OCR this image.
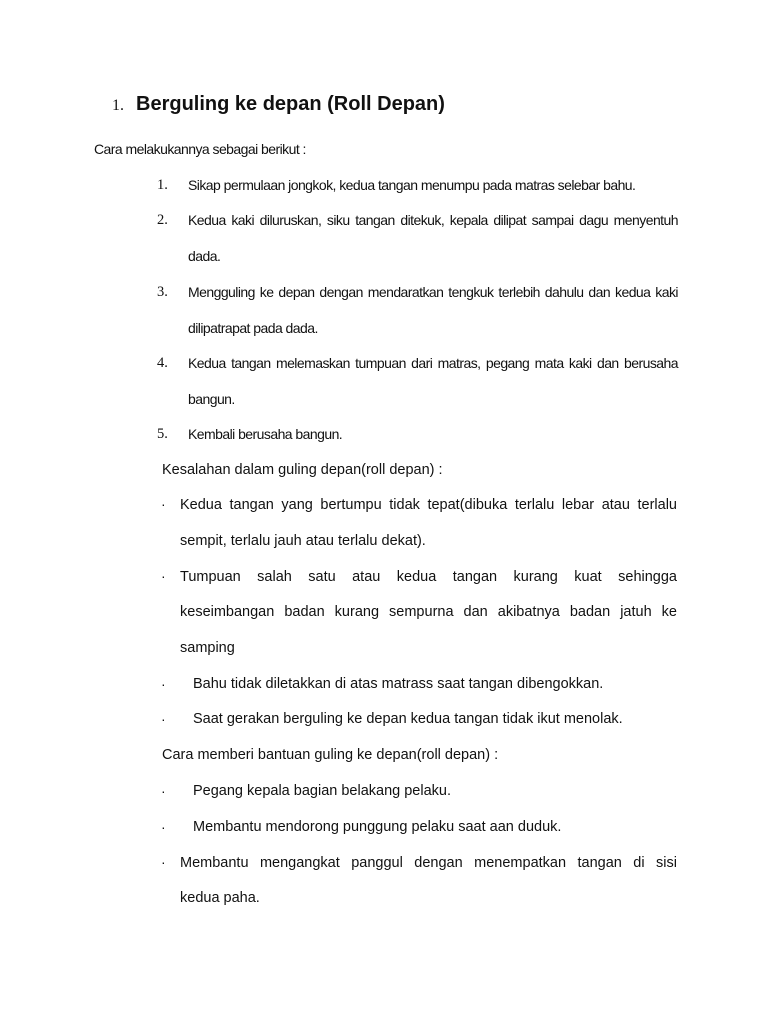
1. Berguling ke depan (Roll Depan)
Cara melakukannya sebagai berikut :
1. Sikap permulaan jongkok, kedua tangan menumpu pada matras selebar bahu.
2. Kedua kaki diluruskan, siku tangan ditekuk, kepala dilipat sampai dagu menyentuh
dada.
3. Mengguling ke depan dengan mendaratkan tengkuk terlebih dahulu dan kedua kaki
dilipatrapat pada dada.
4. Kedua tangan melemaskan tumpuan dari matras, pegang mata kaki dan berusaha
bangun.
5. Kembali berusaha bangun.
Kesalahan dalam guling depan(roll depan) :
· Kedua tangan yang bertumpu tidak tepat(dibuka terlalu lebar atau terlalu
sempit, terlalu jauh atau terlalu dekat).
· Tumpuan salah satu atau kedua tangan kurang kuat sehingga
keseimbangan badan kurang sempurna dan akibatnya badan jatuh ke
samping
· Bahu tidak diletakkan di atas matrass saat tangan dibengokkan.
· Saat gerakan berguling ke depan kedua tangan tidak ikut menolak.
Cara memberi bantuan guling ke depan(roll depan) :
· Pegang kepala bagian belakang pelaku.
· Membantu mendorong punggung pelaku saat aan duduk.
· Membantu mengangkat panggul dengan menempatkan tangan di sisi
kedua paha.
